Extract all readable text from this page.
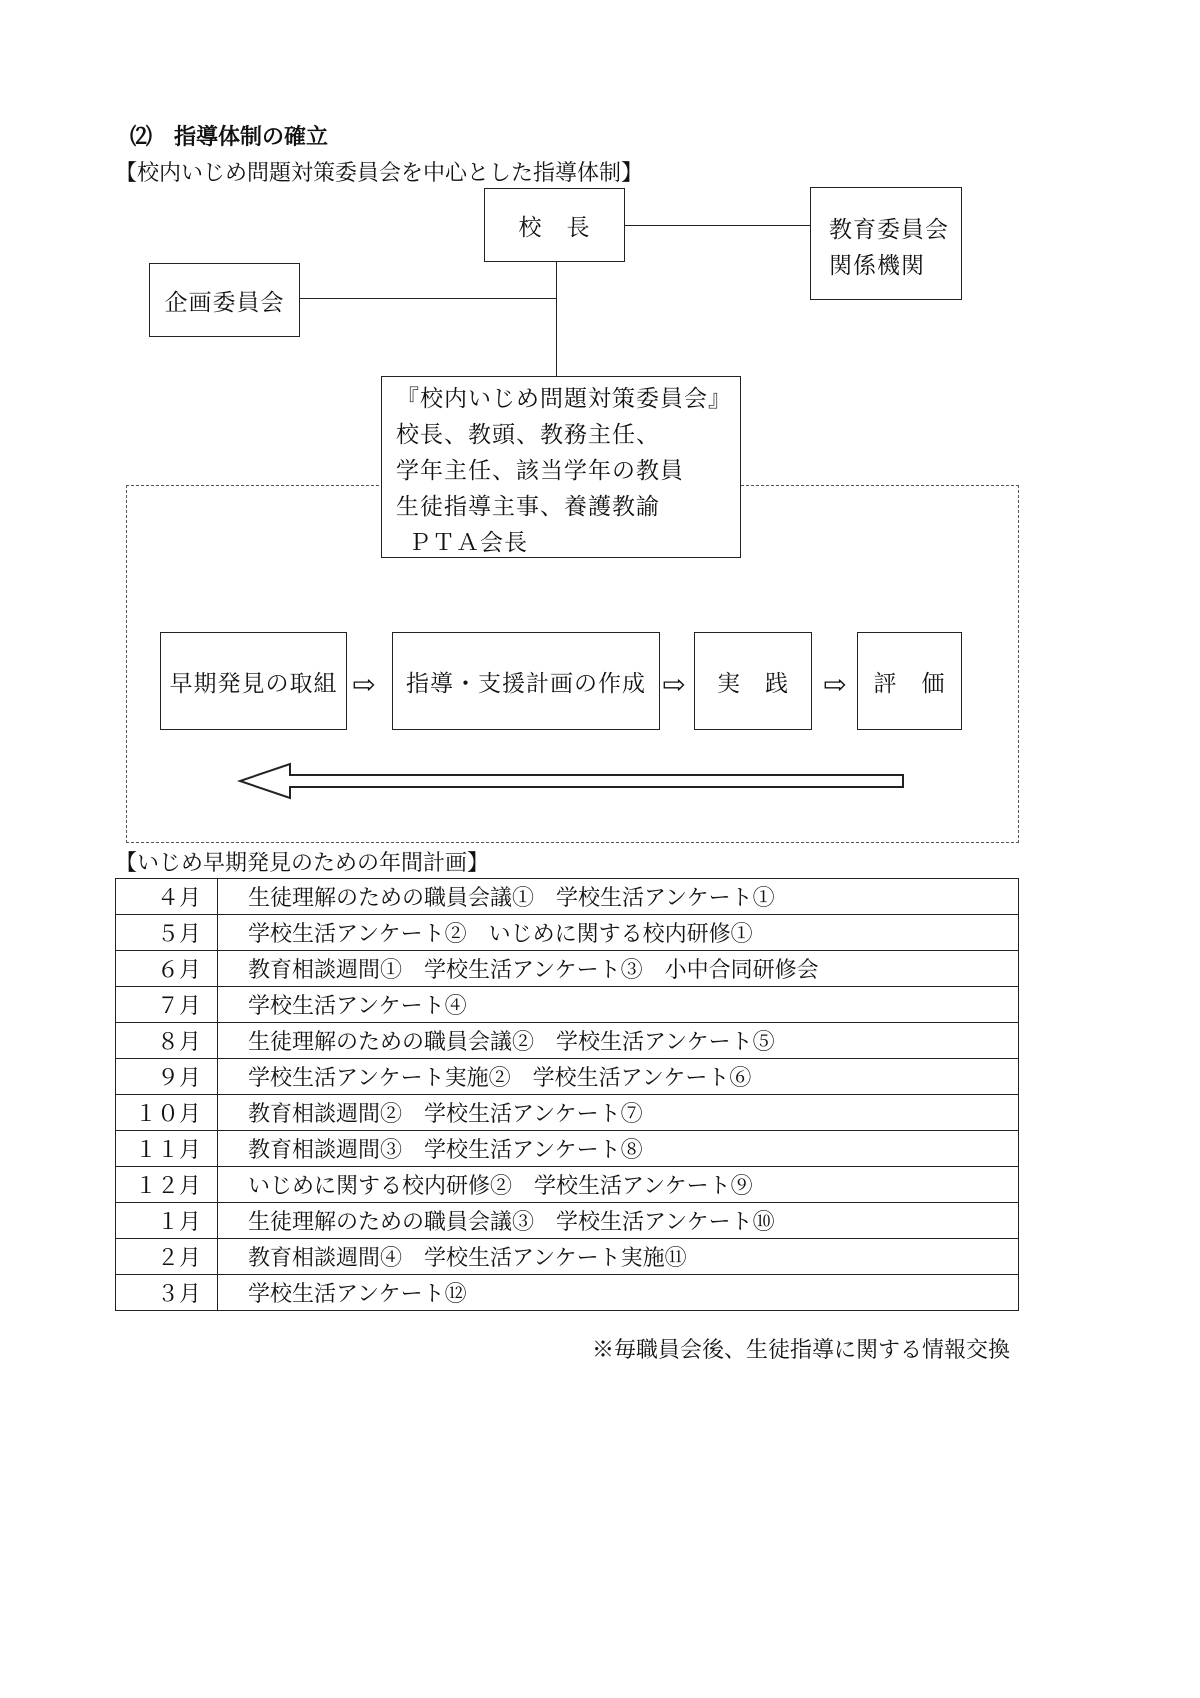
⑵　指導体制の確立
【校内いじめ問題対策委員会を中心とした指導体制】
校　長	教育委員会
関係機関
企画委員会
『校内いじめ問題対策委員会』
校長、教頭、教務主任、
学年主任、該当学年の教員
生徒指導主事、養護教諭
ＰＴＡ会長
早期発見の取組 ⇨	指導・支援計画の作成 ⇨	実　践	⇨	評　価
【いじめ早期発見のための年間計画】
４月	生徒理解のための職員会議①　学校生活アンケート①
５月	学校生活アンケート②　いじめに関する校内研修①
６月	教育相談週間①　学校生活アンケート③　小中合同研修会
７月	学校生活アンケート④
８月	生徒理解のための職員会議②　学校生活アンケート⑤
９月	学校生活アンケート実施②　学校生活アンケート⑥
１０月	教育相談週間②　学校生活アンケート⑦
１１月	教育相談週間③　学校生活アンケート⑧
１２月	いじめに関する校内研修②　学校生活アンケート⑨
１月	生徒理解のための職員会議③　学校生活アンケート⑩
２月	教育相談週間④　学校生活アンケート実施⑪
３月	学校生活アンケート⑫
※毎職員会後、生徒指導に関する情報交換
